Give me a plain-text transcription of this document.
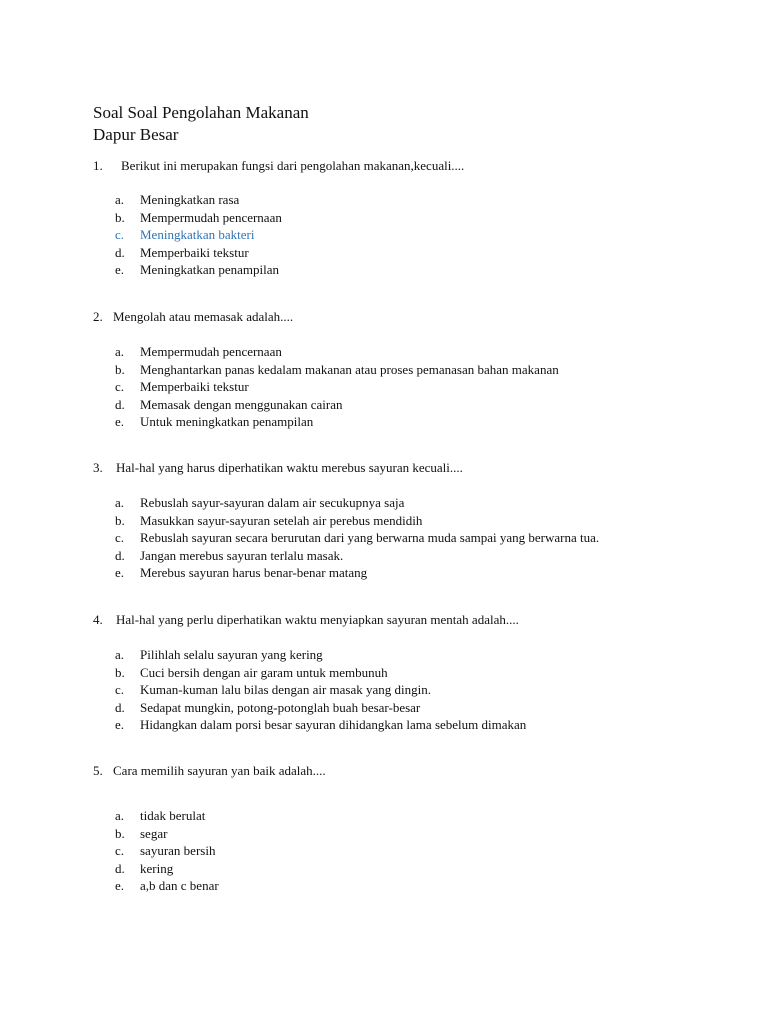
Soal Soal Pengolahan Makanan
Dapur Besar
1. Berikut ini merupakan fungsi dari pengolahan makanan,kecuali....
a. Meningkatkan rasa
b. Mempermudah pencernaan
c. Meningkatkan bakteri
d. Memperbaiki tekstur
e. Meningkatkan penampilan
2. Mengolah atau memasak adalah....
a. Mempermudah pencernaan
b. Menghantarkan panas kedalam makanan atau proses pemanasan bahan makanan
c. Memperbaiki tekstur
d. Memasak dengan menggunakan cairan
e. Untuk meningkatkan penampilan
3. Hal-hal yang harus diperhatikan waktu merebus sayuran kecuali....
a. Rebuslah sayur-sayuran dalam air secukupnya saja
b. Masukkan sayur-sayuran setelah air perebus mendidih
c. Rebuslah sayuran secara berurutan dari yang berwarna muda sampai yang berwarna tua.
d. Jangan merebus sayuran terlalu masak.
e. Merebus sayuran harus benar-benar matang
4. Hal-hal yang perlu diperhatikan waktu menyiapkan sayuran mentah adalah....
a. Pilihlah selalu sayuran yang kering
b. Cuci bersih dengan air garam untuk membunuh
c. Kuman-kuman lalu bilas dengan air masak yang dingin.
d. Sedapat mungkin, potong-potonglah buah besar-besar
e. Hidangkan dalam porsi besar sayuran dihidangkan lama sebelum dimakan
5. Cara memilih sayuran yan baik adalah....
a. tidak berulat
b. segar
c. sayuran bersih
d. kering
e. a,b dan c benar
